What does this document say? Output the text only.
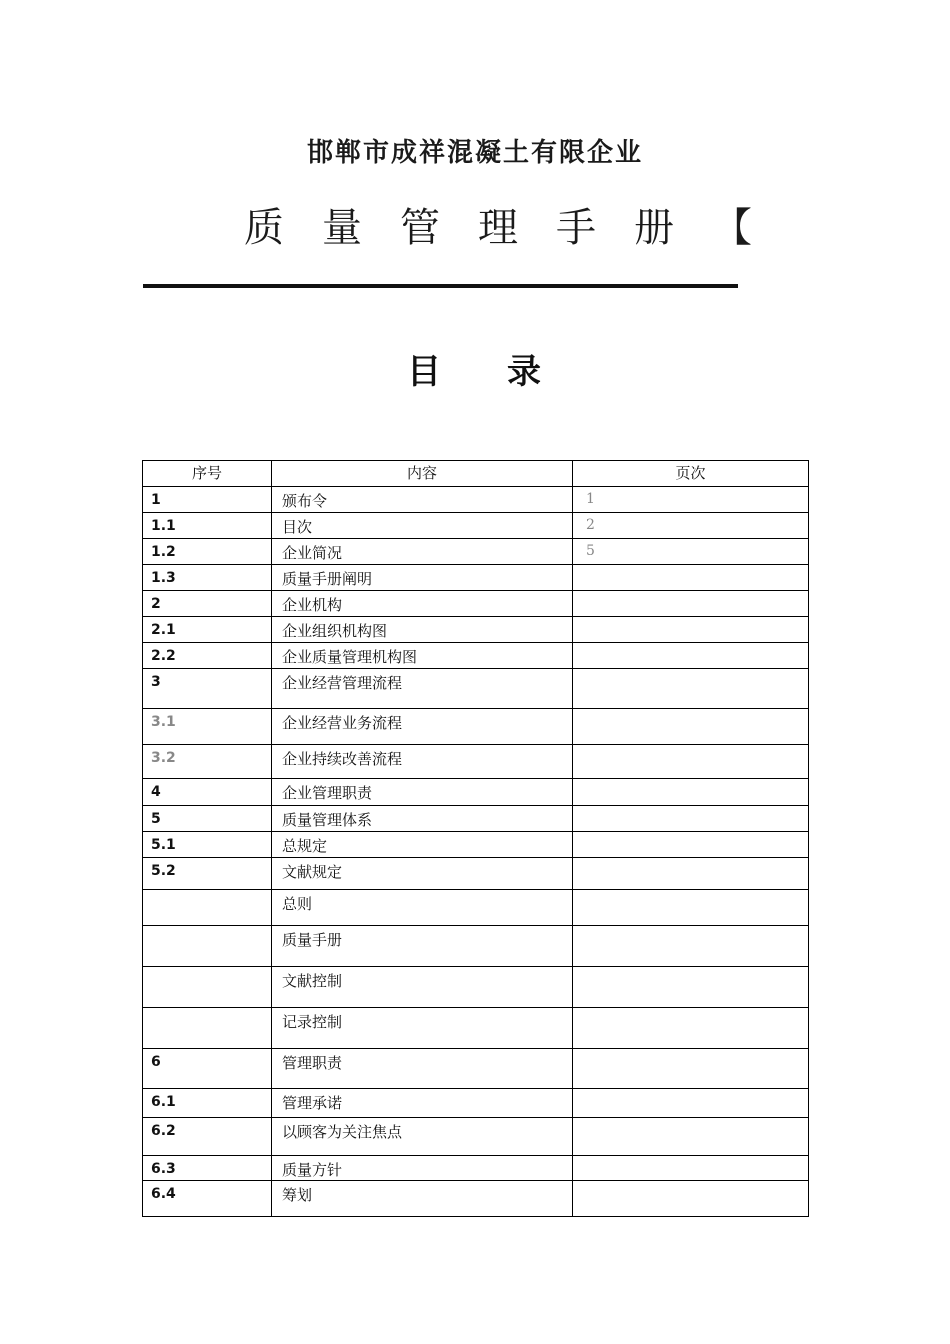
邯郸市成祥混凝土有限企业
质量管理手册【
目录
序号	内容	页次
1	颁布令	1
1.1	目次	2
1.2	企业简况	5
1.3	质量手册阐明	
2	企业机构	
2.1	企业组织机构图	
2.2	企业质量管理机构图	
3	企业经营管理流程	
3.1	企业经营业务流程	
3.2	企业持续改善流程	
4	企业管理职责	
5	质量管理体系	
5.1	总规定	
5.2	文献规定	
	总则	
	质量手册	
	文献控制	
	记录控制	
6	管理职责	
6.1	管理承诺	
6.2	以顾客为关注焦点	
6.3	质量方针	
6.4	筹划	
